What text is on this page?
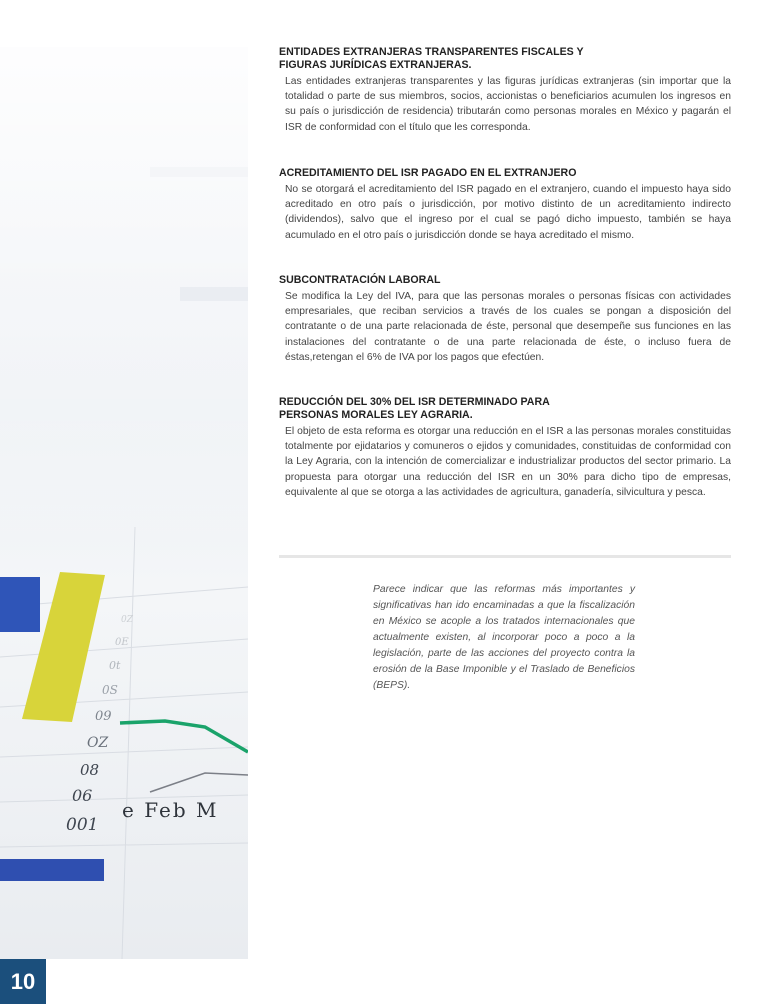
001
06
08
OZ
09
0S
0t
0E
0Z
e Feb M
ENTIDADES EXTRANJERAS TRANSPARENTES FISCALES Y
FIGURAS JURÍDICAS EXTRANJERAS.

Las entidades extranjeras transparentes y las figuras jurídicas extranjeras (sin importar que la totalidad o parte de sus miembros, socios, accionistas o beneficiarios acumulen los ingresos en su país o jurisdicción de residencia) tributarán como personas morales en México y pagarán el ISR de conformidad con el título que les corresponda.

ACREDITAMIENTO DEL ISR PAGADO EN EL EXTRANJERO

No se otorgará el acreditamiento del ISR pagado en el extranjero, cuando el impuesto haya sido acreditado en otro país o jurisdicción, por motivo distinto de un acreditamiento indirecto (dividendos), salvo que el ingreso por el cual se pagó dicho impuesto, también se haya acumulado en el otro país o jurisdicción donde se haya acreditado el mismo.

SUBCONTRATACIÓN LABORAL

Se modifica la Ley del IVA, para que las personas morales o personas físicas con actividades empresariales, que reciban servicios a través de los cuales se pongan a disposición del contratante o de una parte relacionada de éste, personal que desempeñe sus funciones en las instalaciones del contratante o de una parte relacionada de éste, o incluso fuera de éstas,retengan el 6% de IVA por los pagos que efectúen.

REDUCCIÓN DEL 30% DEL ISR DETERMINADO PARA
PERSONAS MORALES LEY AGRARIA.

El objeto de esta reforma es otorgar una reducción en el ISR a las personas morales constituidas totalmente por ejidatarios y comuneros o ejidos y comunidades, constituidas de conformidad con la Ley Agraria, con la intención de comercializar e industrializar productos del sector primario. La propuesta para otorgar una reducción del ISR en un 30% para dicho tipo de empresas, equivalente al que se otorga a las actividades de agricultura, ganadería, silvicultura y pesca.

Parece indicar que las reformas más importantes y significativas han ido encaminadas a que la fiscalización en México se acople a los tratados internacionales que actualmente existen, al incorporar poco a poco a la legislación, parte de las acciones del proyecto contra la erosión de la Base Imponible y el Traslado de Beneficios (BEPS).
10
